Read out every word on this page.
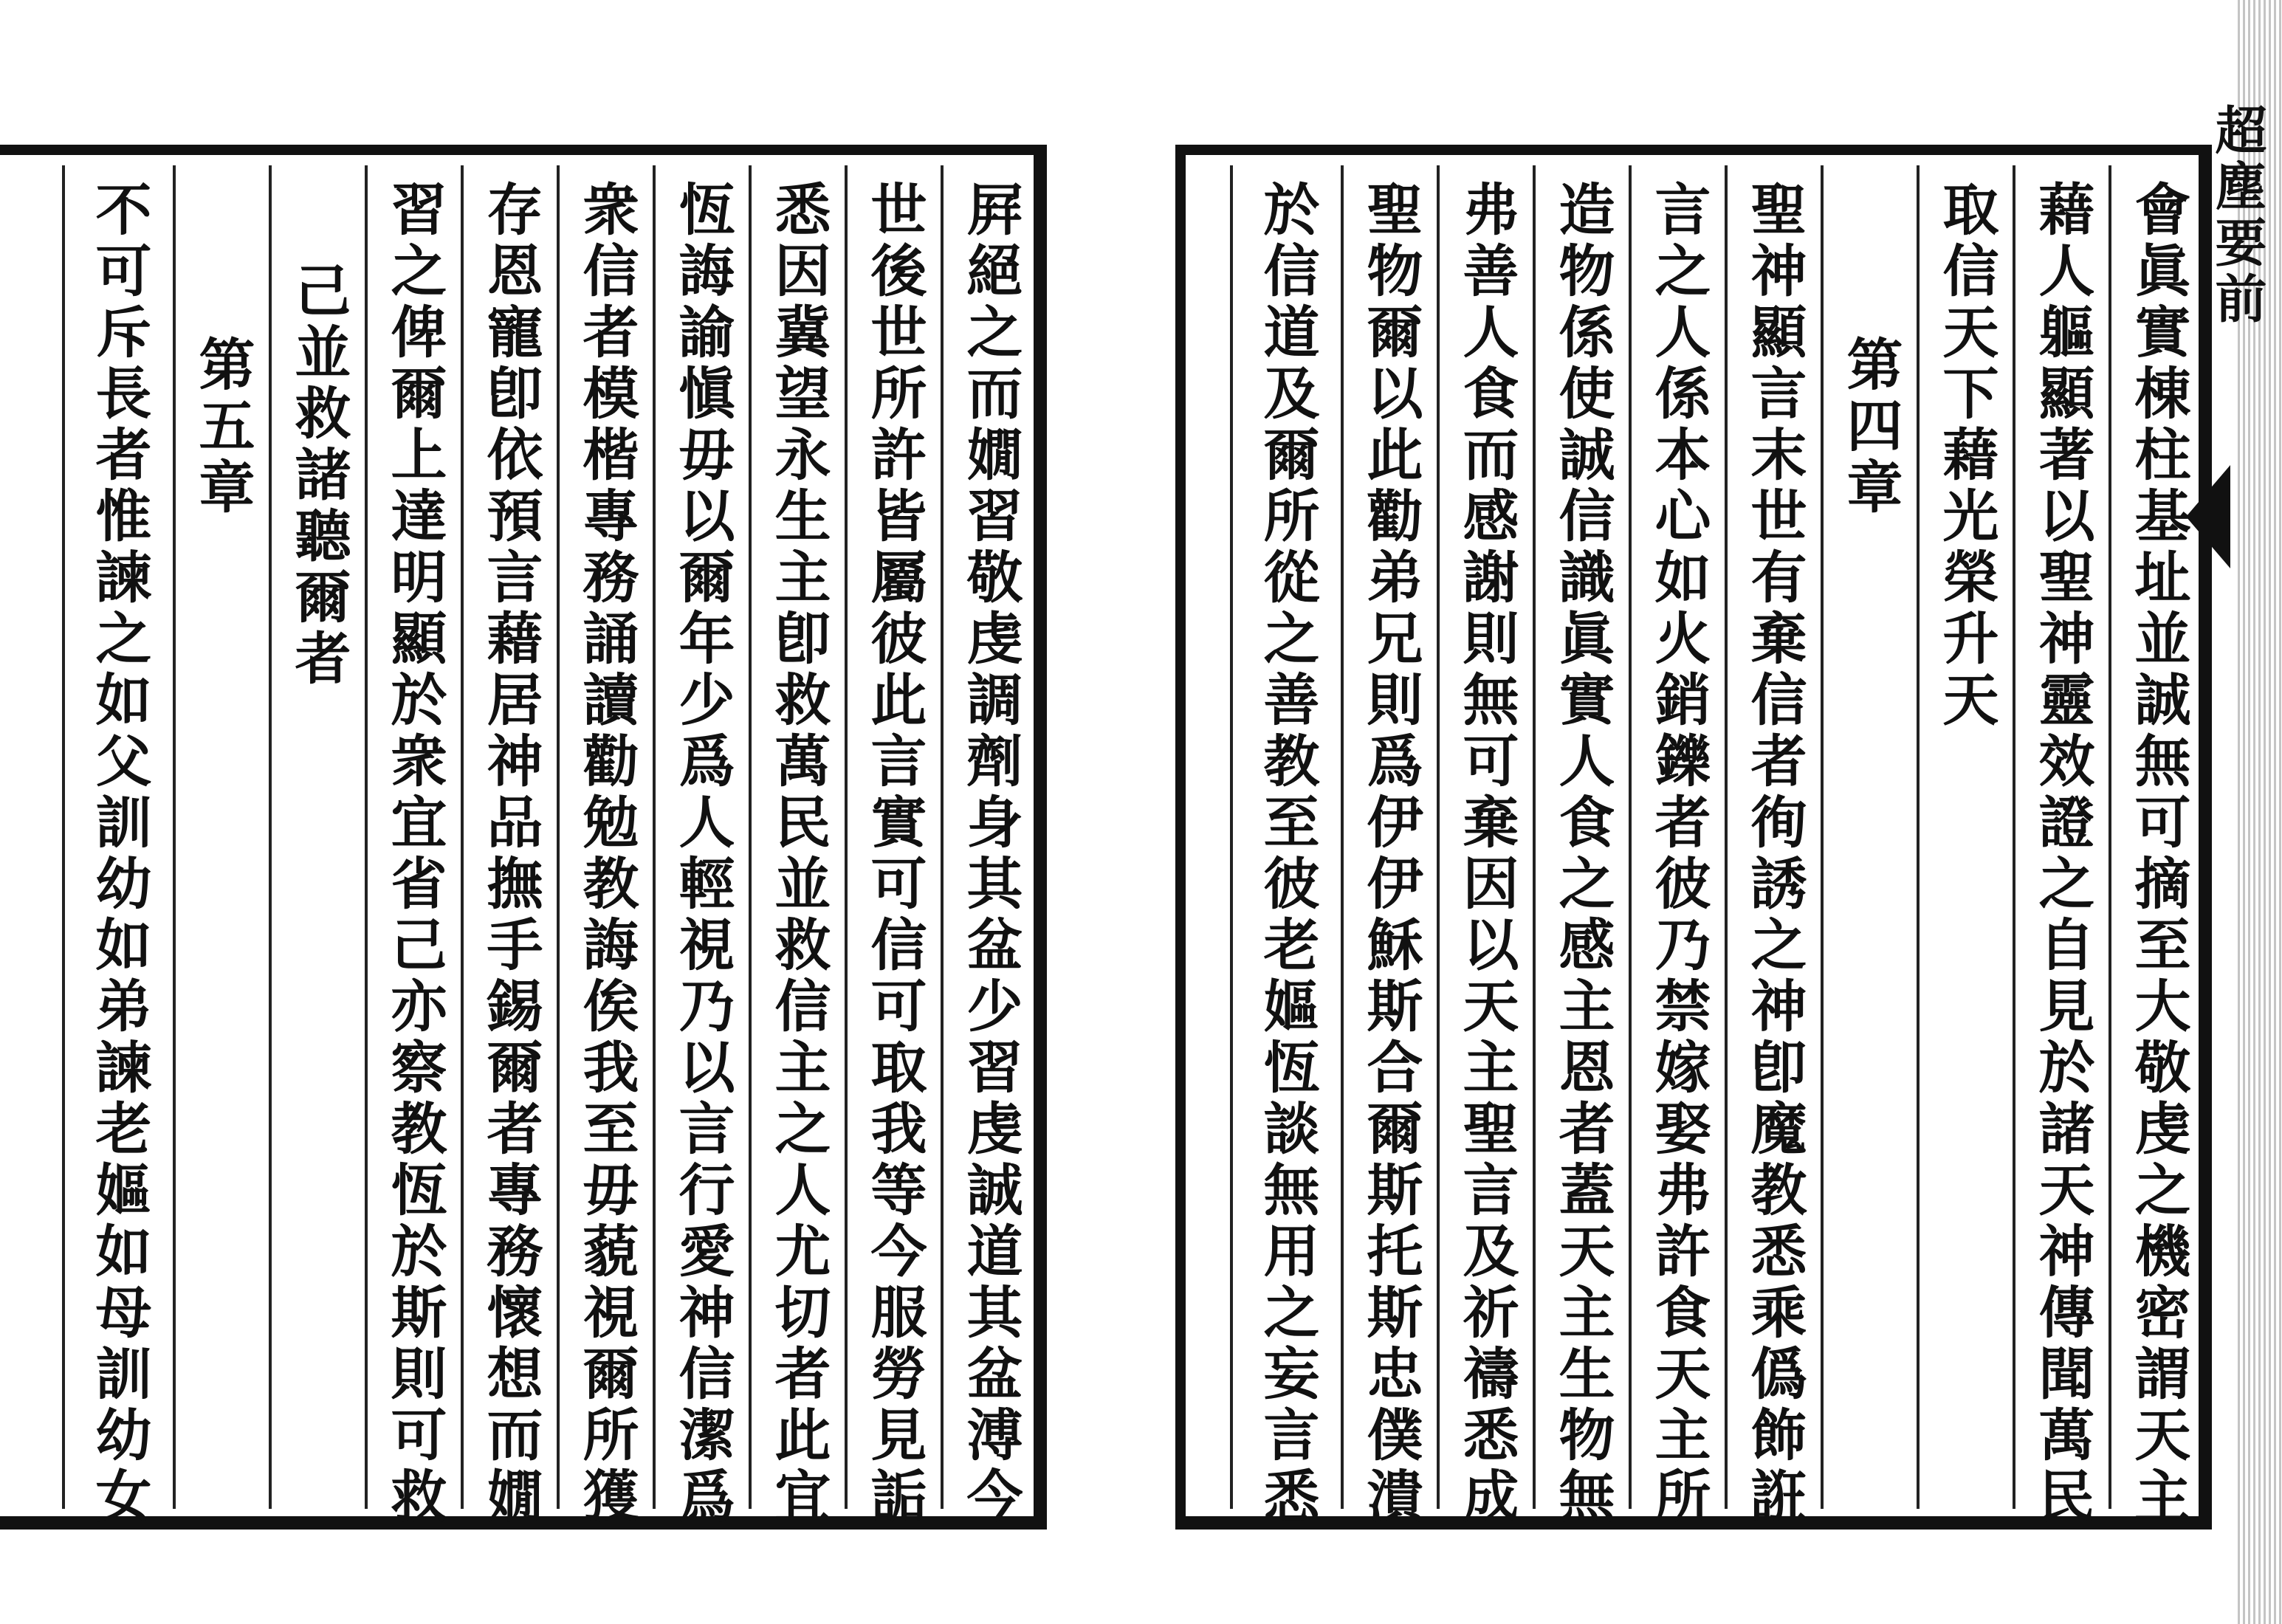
屛絕之而嫺習敬虔調劑身其盆少習虔誠道其盆溥今
世後世所許皆屬彼此言實可信可取我等今服勞見詬
悉因冀望永生主卽救萬民並救信主之人尤切者此宜
恆誨諭愼毋以爾年少爲人輕視乃以言行愛神信潔爲
衆信者模楷專務誦讀勸勉教誨俟我至毋藐視爾所獲
存恩寵卽依預言藉居神品撫手錫爾者專務懷想而嫺
習之俾爾上達明顯於衆宜省己亦察教恆於斯則可救
己並救諸聽爾者
第五章
不可斥長者惟諫之如父訓幼如弟諫老嫗如母訓幼女	會眞實棟柱基址並誠無可摘至大敬虔之機密謂天主
藉人軀顯著以聖神靈效證之自見於諸天神傳聞萬民
取信天下藉光榮升天
第四章
聖神顯言末世有棄信者徇誘之神卽魔教悉乘僞飾誑
言之人係本心如火銷鑠者彼乃禁嫁娶弗許食天主所
造物係使誠信識眞實人食之感主恩者蓋天主生物無
弗善人食而感謝則無可棄因以天主聖言及祈禱悉成
聖物爾以此勸弟兄則爲伊伊穌斯合爾斯托斯忠僕潰
於信道及爾所從之善教至彼老嫗恆談無用之妄言悉	超塵要前
